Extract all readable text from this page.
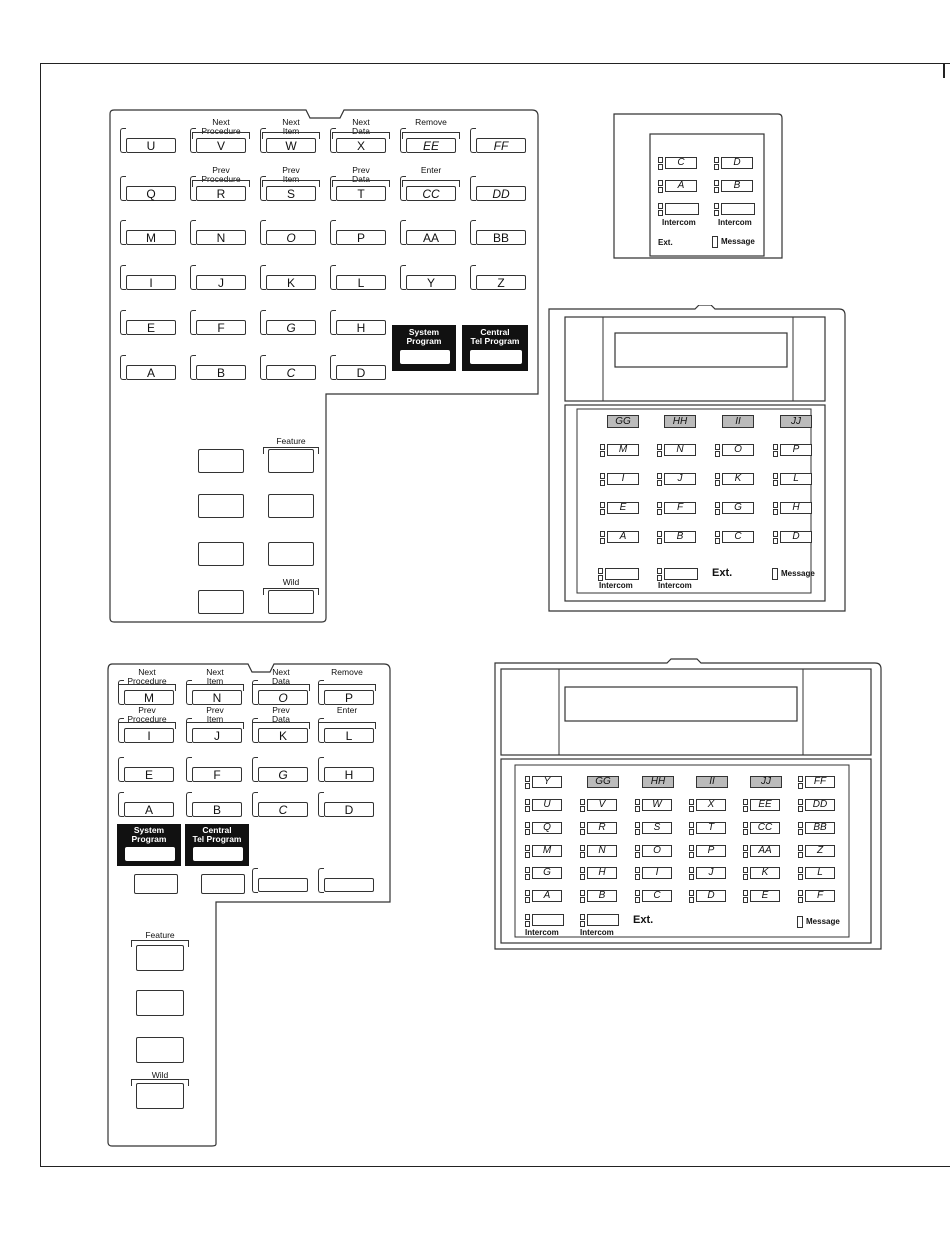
U	V	W	X	EE	FF
Q	R	S	T	CC	DD
M	N	O	P	AA	BB
I	J	K	L	Y	Z
E	F	G	H
A	B	C	D
Next
Procedure
Next
Item
Next
Data
Remove
Prev
Procedure
Prev
Item
Prev
Data
Enter
System
Program
Central
Tel Program
Feature
Wild
C	D
A	B
Intercom	Intercom
Ext.	Message
GG	HH	II	JJ
M	N	O	P
I	J	K	L
E	F	G	H
A	B	C	D
Intercom	Intercom
Ext.	Message
M	N	O	P
I	J	K	L
E	F	G	H
A	B	C	D
Next
Procedure
Next
Item
Next
Data
Remove
Prev
Procedure
Prev
Item
Prev
Data
Enter
System
Program
Central
Tel Program
Feature
Wild
Y	GG	HH	II	JJ	FF
U	V	W	X	EE	DD
Q	R	S	T	CC	BB
M	N	O	P	AA	Z
G	H	I	J	K	L
A	B	C	D	E	F
Intercom	Intercom
Ext.	Message
